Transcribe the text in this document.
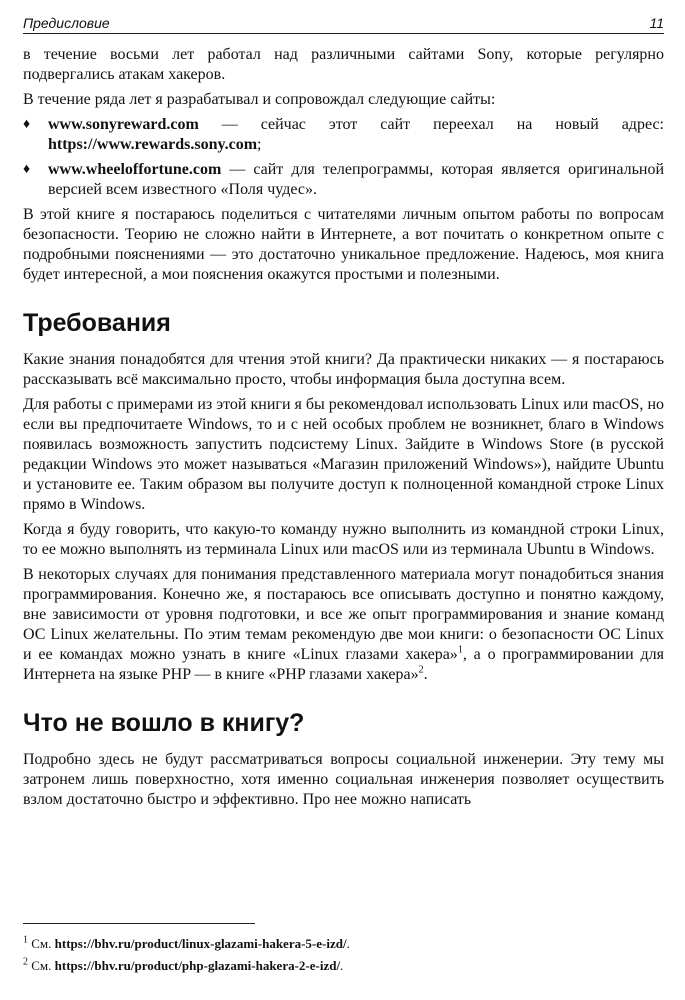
Предисловие	11

в течение восьми лет работал над различными сайтами Sony, которые регулярно подвергались атакам хакеров.

В течение ряда лет я разрабатывал и сопровождал следующие сайты:

♦ www.sonyreward.com — сейчас этот сайт переехал на новый адрес: https://www.rewards.sony.com;
♦ www.wheeloffortune.com — сайт для телепрограммы, которая является оригинальной версией всем известного «Поля чудес».

В этой книге я постараюсь поделиться с читателями личным опытом работы по вопросам безопасности. Теорию не сложно найти в Интернете, а вот почитать о конкретном опыте с подробными пояснениями — это достаточно уникальное предложение. Надеюсь, моя книга будет интересной, а мои пояснения окажутся простыми и полезными.

Требования

Какие знания понадобятся для чтения этой книги? Да практически никаких — я постараюсь рассказывать всё максимально просто, чтобы информация была доступна всем.

Для работы с примерами из этой книги я бы рекомендовал использовать Linux или macOS, но если вы предпочитаете Windows, то и с ней особых проблем не возникнет, благо в Windows появилась возможность запустить подсистему Linux. Зайдите в Windows Store (в русской редакции Windows это может называться «Магазин приложений Windows»), найдите Ubuntu и установите ее. Таким образом вы получите доступ к полноценной командной строке Linux прямо в Windows.

Когда я буду говорить, что какую-то команду нужно выполнить из командной строки Linux, то ее можно выполнять из терминала Linux или macOS или из терминала Ubuntu в Windows.

В некоторых случаях для понимания представленного материала могут понадобиться знания программирования. Конечно же, я постараюсь все описывать доступно и понятно каждому, вне зависимости от уровня подготовки, и все же опыт программирования и знание команд ОС Linux желательны. По этим темам рекомендую две мои книги: о безопасности ОС Linux и ее командах можно узнать в книге «Linux глазами хакера»$^1$, а о программировании для Интернета на языке PHP — в книге «PHP глазами хакера»$^2$.

Что не вошло в книгу?

Подробно здесь не будут рассматриваться вопросы социальной инженерии. Эту тему мы затронем лишь поверхностно, хотя именно социальная инженерия позволяет осуществить взлом достаточно быстро и эффективно. Про нее можно написать

$^1$ См. https://bhv.ru/product/linux-glazami-hakera-5-e-izd/.
$^2$ См. https://bhv.ru/product/php-glazami-hakera-2-e-izd/.
